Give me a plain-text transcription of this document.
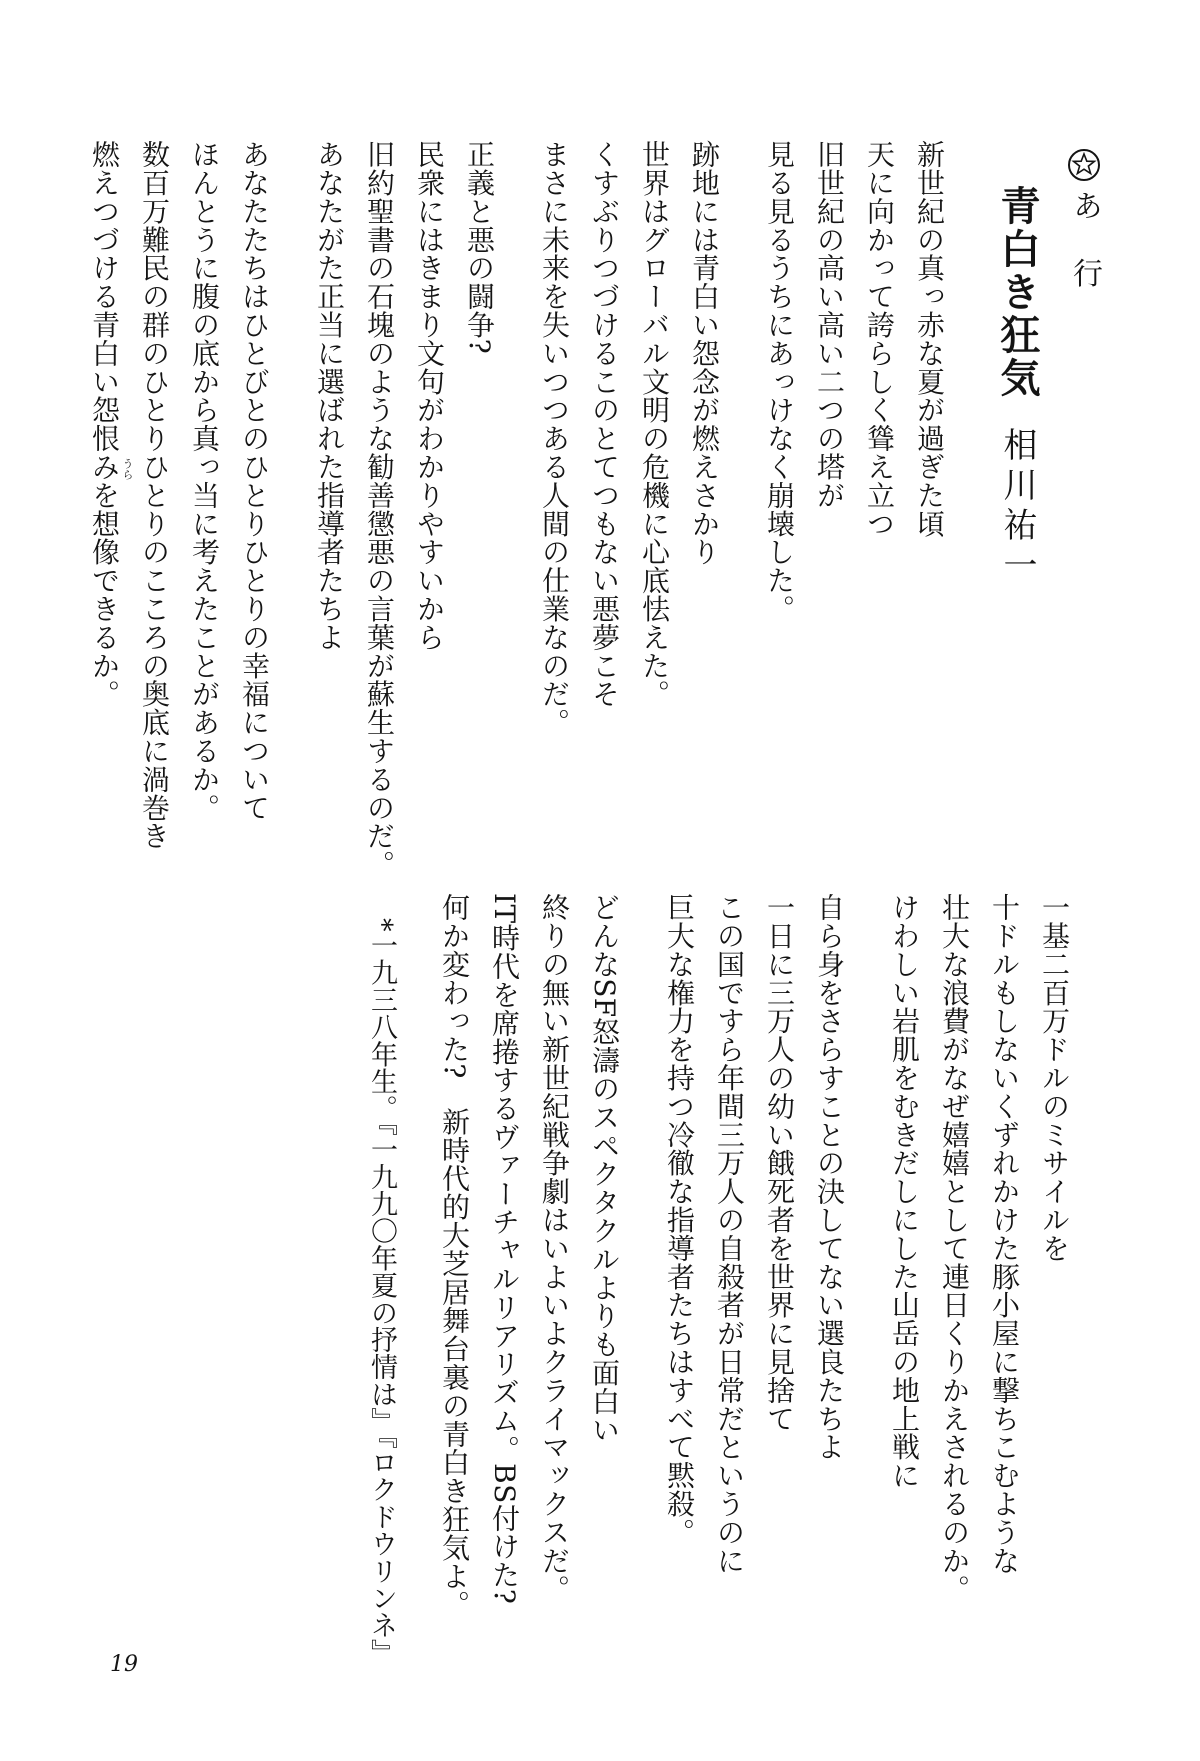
あ 行
青白き狂気
相川祐一
新世紀の真っ赤な夏が過ぎた頃
天に向かって誇らしく聳え立つ
旧世紀の高い高い二つの塔が
見る見るうちにあっけなく崩壊した。
跡地には青白い怨念が燃えさかり
世界はグローバル文明の危機に心底怯えた。
くすぶりつづけるこのとてつもない悪夢こそ
まさに未来を失いつつある人間の仕業なのだ。
正義と悪の闘争?
民衆にはきまり文句がわかりやすいから
旧約聖書の石塊のような勧善懲悪の言葉が蘇生するのだ。
あなたがた正当に選ばれた指導者たちよ
あなたたちはひとびとのひとりひとりの幸福について
ほんとうに腹の底から真っ当に考えたことがあるか。
数百万難民の群のひとりひとりのこころの奥底に渦巻き
燃えつづける青白い怨恨みを想像できるか。 うら
一基二百万ドルのミサイルを
十ドルもしないくずれかけた豚小屋に撃ちこむような
壮大な浪費がなぜ嬉嬉として連日くりかえされるのか。
けわしい岩肌をむきだしにした山岳の地上戦に
自ら身をさらすことの決してない選良たちよ
一日に三万人の幼い餓死者を世界に見捨て
この国ですら年間三万人の自殺者が日常だというのに
巨大な権力を持つ冷徹な指導者たちはすべて黙殺。
どんなSF怒濤のスペクタクルよりも面白い
終りの無い新世紀戦争劇はいよいよクライマックスだ。
IT時代を席捲するヴァーチャルリアリズム。BS付けた?
何か変わった?　新時代的大芝居舞台裏の青白き狂気よ。
*一九三八年生。『一九九〇年夏の抒情は』『ロクドウリンネ』
19
